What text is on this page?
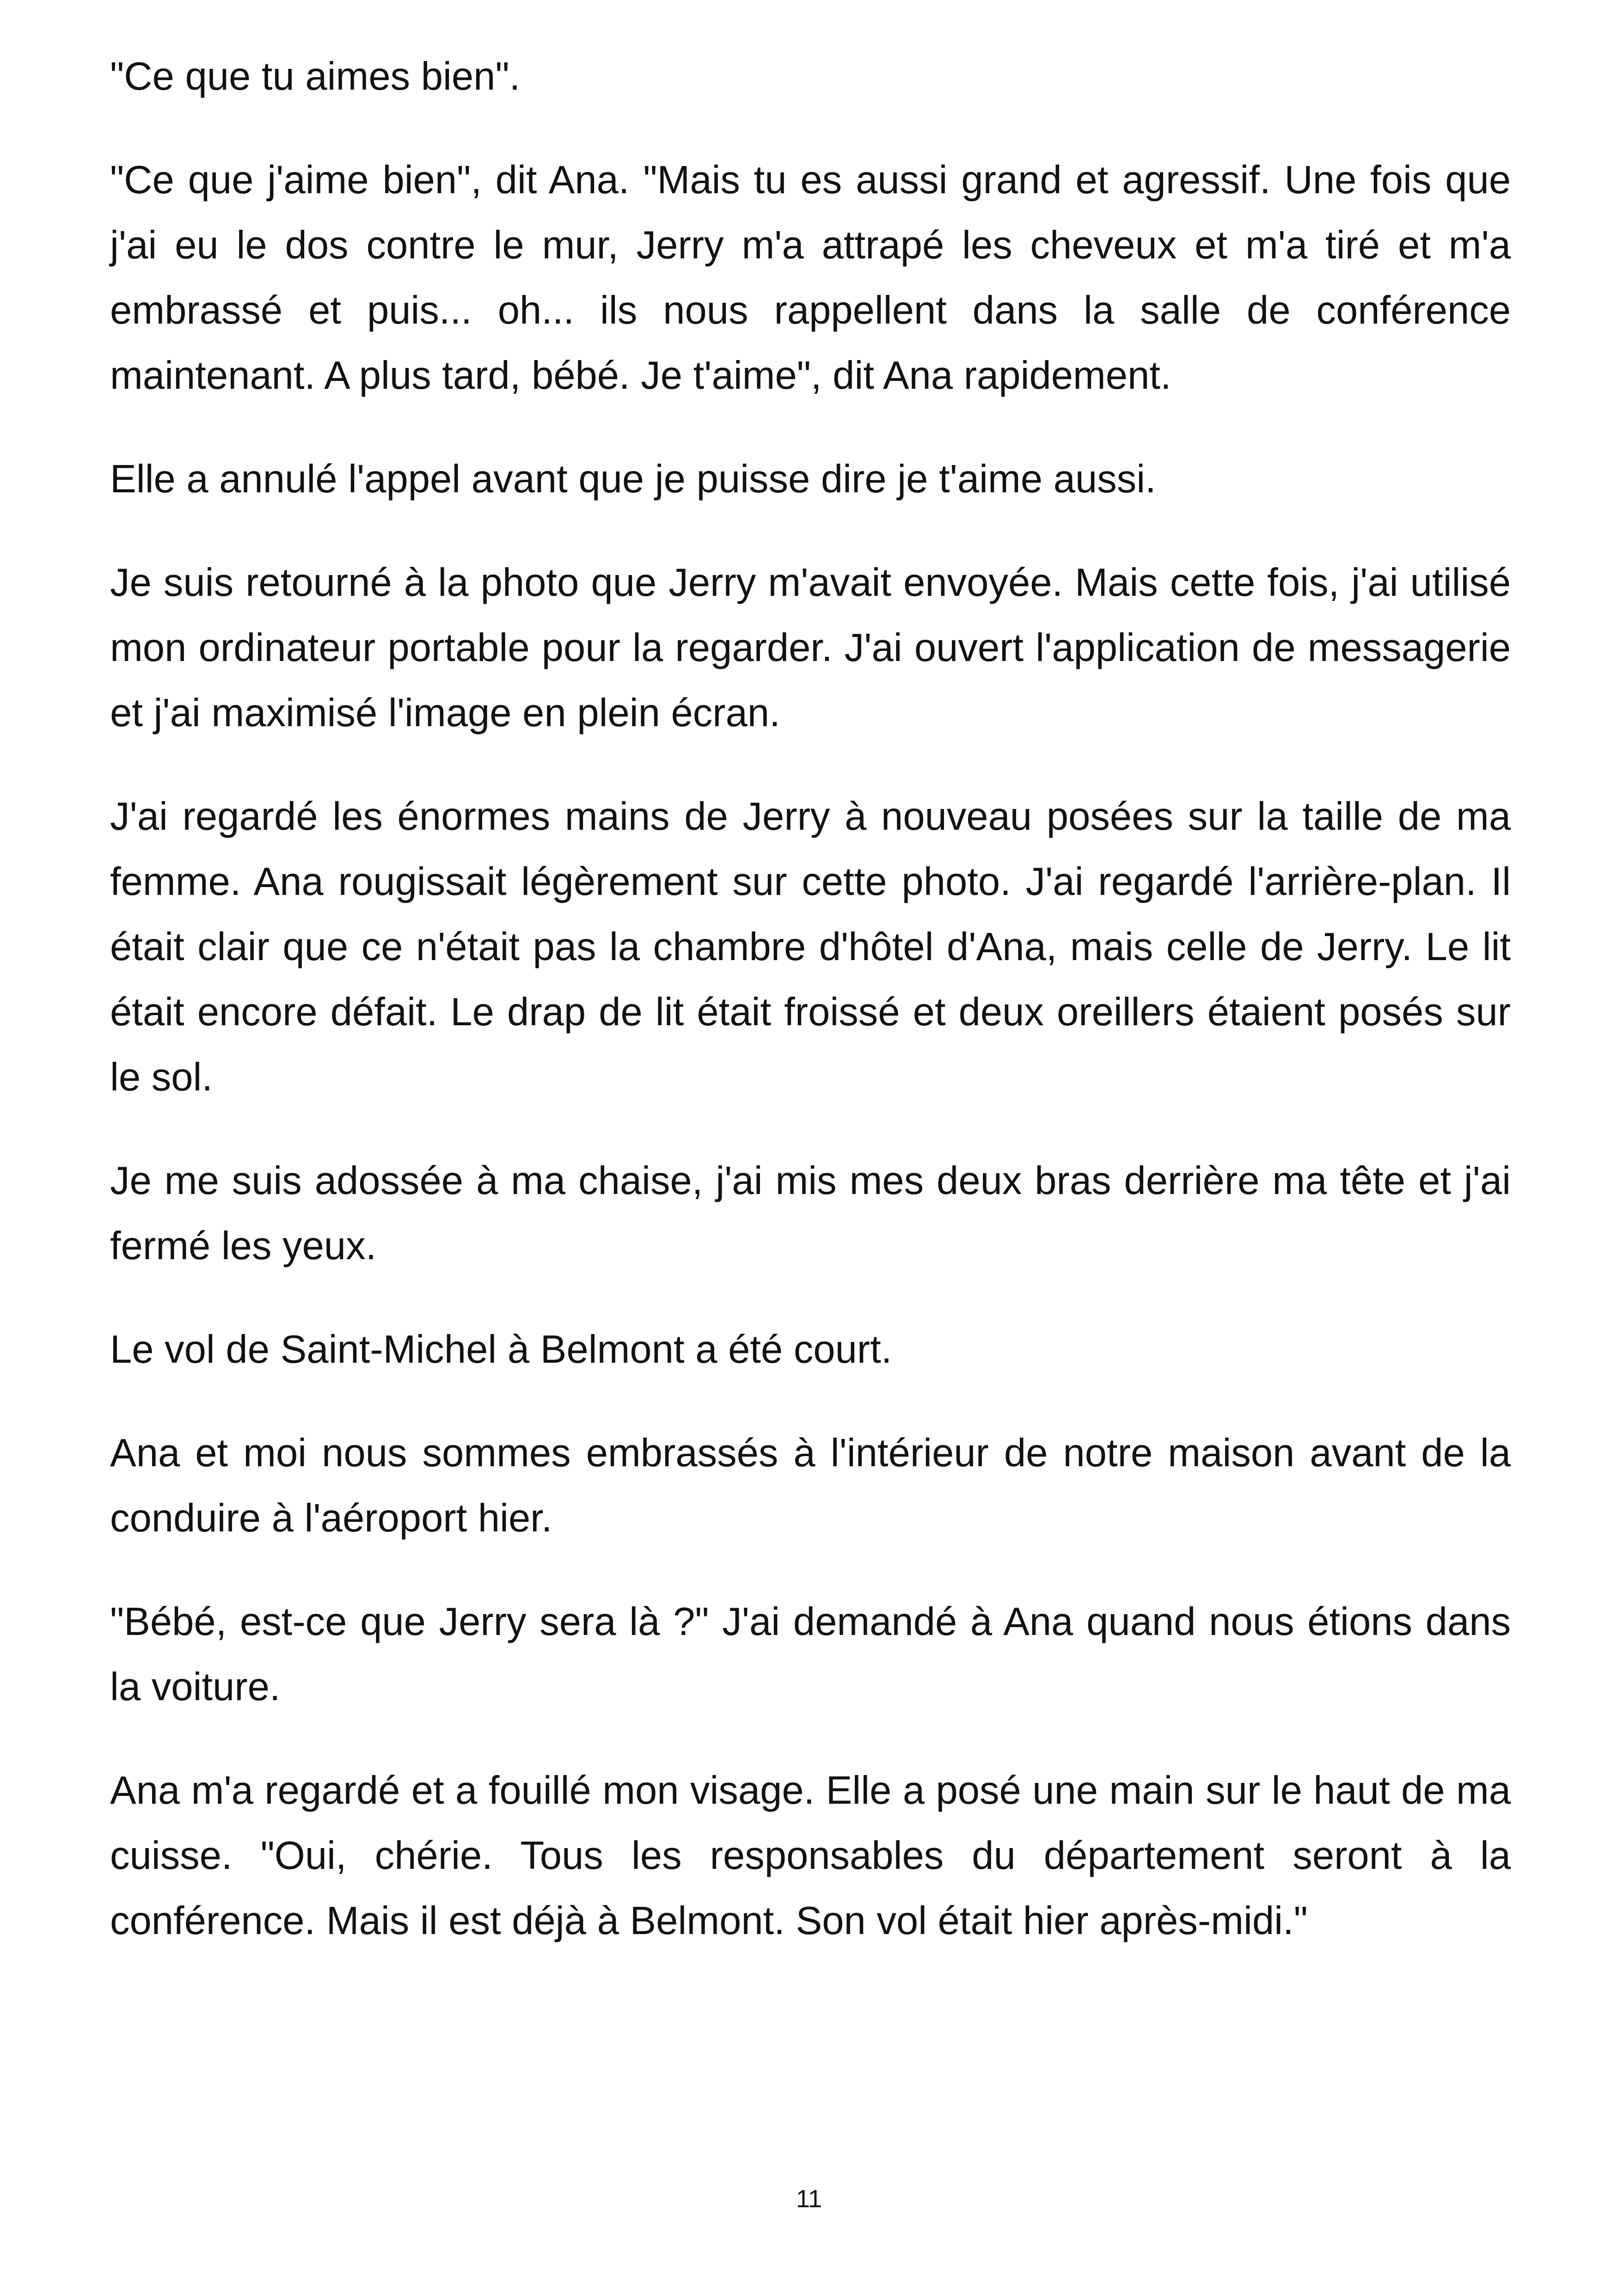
"Ce que tu aimes bien".

"Ce que j'aime bien", dit Ana. "Mais tu es aussi grand et agressif. Une fois que j'ai eu le dos contre le mur, Jerry m'a attrapé les cheveux et m'a tiré et m'a embrassé et puis... oh... ils nous rappellent dans la salle de conférence maintenant. A plus tard, bébé. Je t'aime", dit Ana rapidement.

Elle a annulé l'appel avant que je puisse dire je t'aime aussi.

Je suis retourné à la photo que Jerry m'avait envoyée. Mais cette fois, j'ai utilisé mon ordinateur portable pour la regarder. J'ai ouvert l'application de messagerie et j'ai maximisé l'image en plein écran.

J'ai regardé les énormes mains de Jerry à nouveau posées sur la taille de ma femme. Ana rougissait légèrement sur cette photo. J'ai regardé l'arrière-plan. Il était clair que ce n'était pas la chambre d'hôtel d'Ana, mais celle de Jerry. Le lit était encore défait. Le drap de lit était froissé et deux oreillers étaient posés sur le sol.

Je me suis adossée à ma chaise, j'ai mis mes deux bras derrière ma tête et j'ai fermé les yeux.

Le vol de Saint-Michel à Belmont a été court.

Ana et moi nous sommes embrassés à l'intérieur de notre maison avant de la conduire à l'aéroport hier.

"Bébé, est-ce que Jerry sera là ?" J'ai demandé à Ana quand nous étions dans la voiture.

Ana m'a regardé et a fouillé mon visage. Elle a posé une main sur le haut de ma cuisse. "Oui, chérie. Tous les responsables du département seront à la conférence. Mais il est déjà à Belmont. Son vol était hier après-midi."

11
